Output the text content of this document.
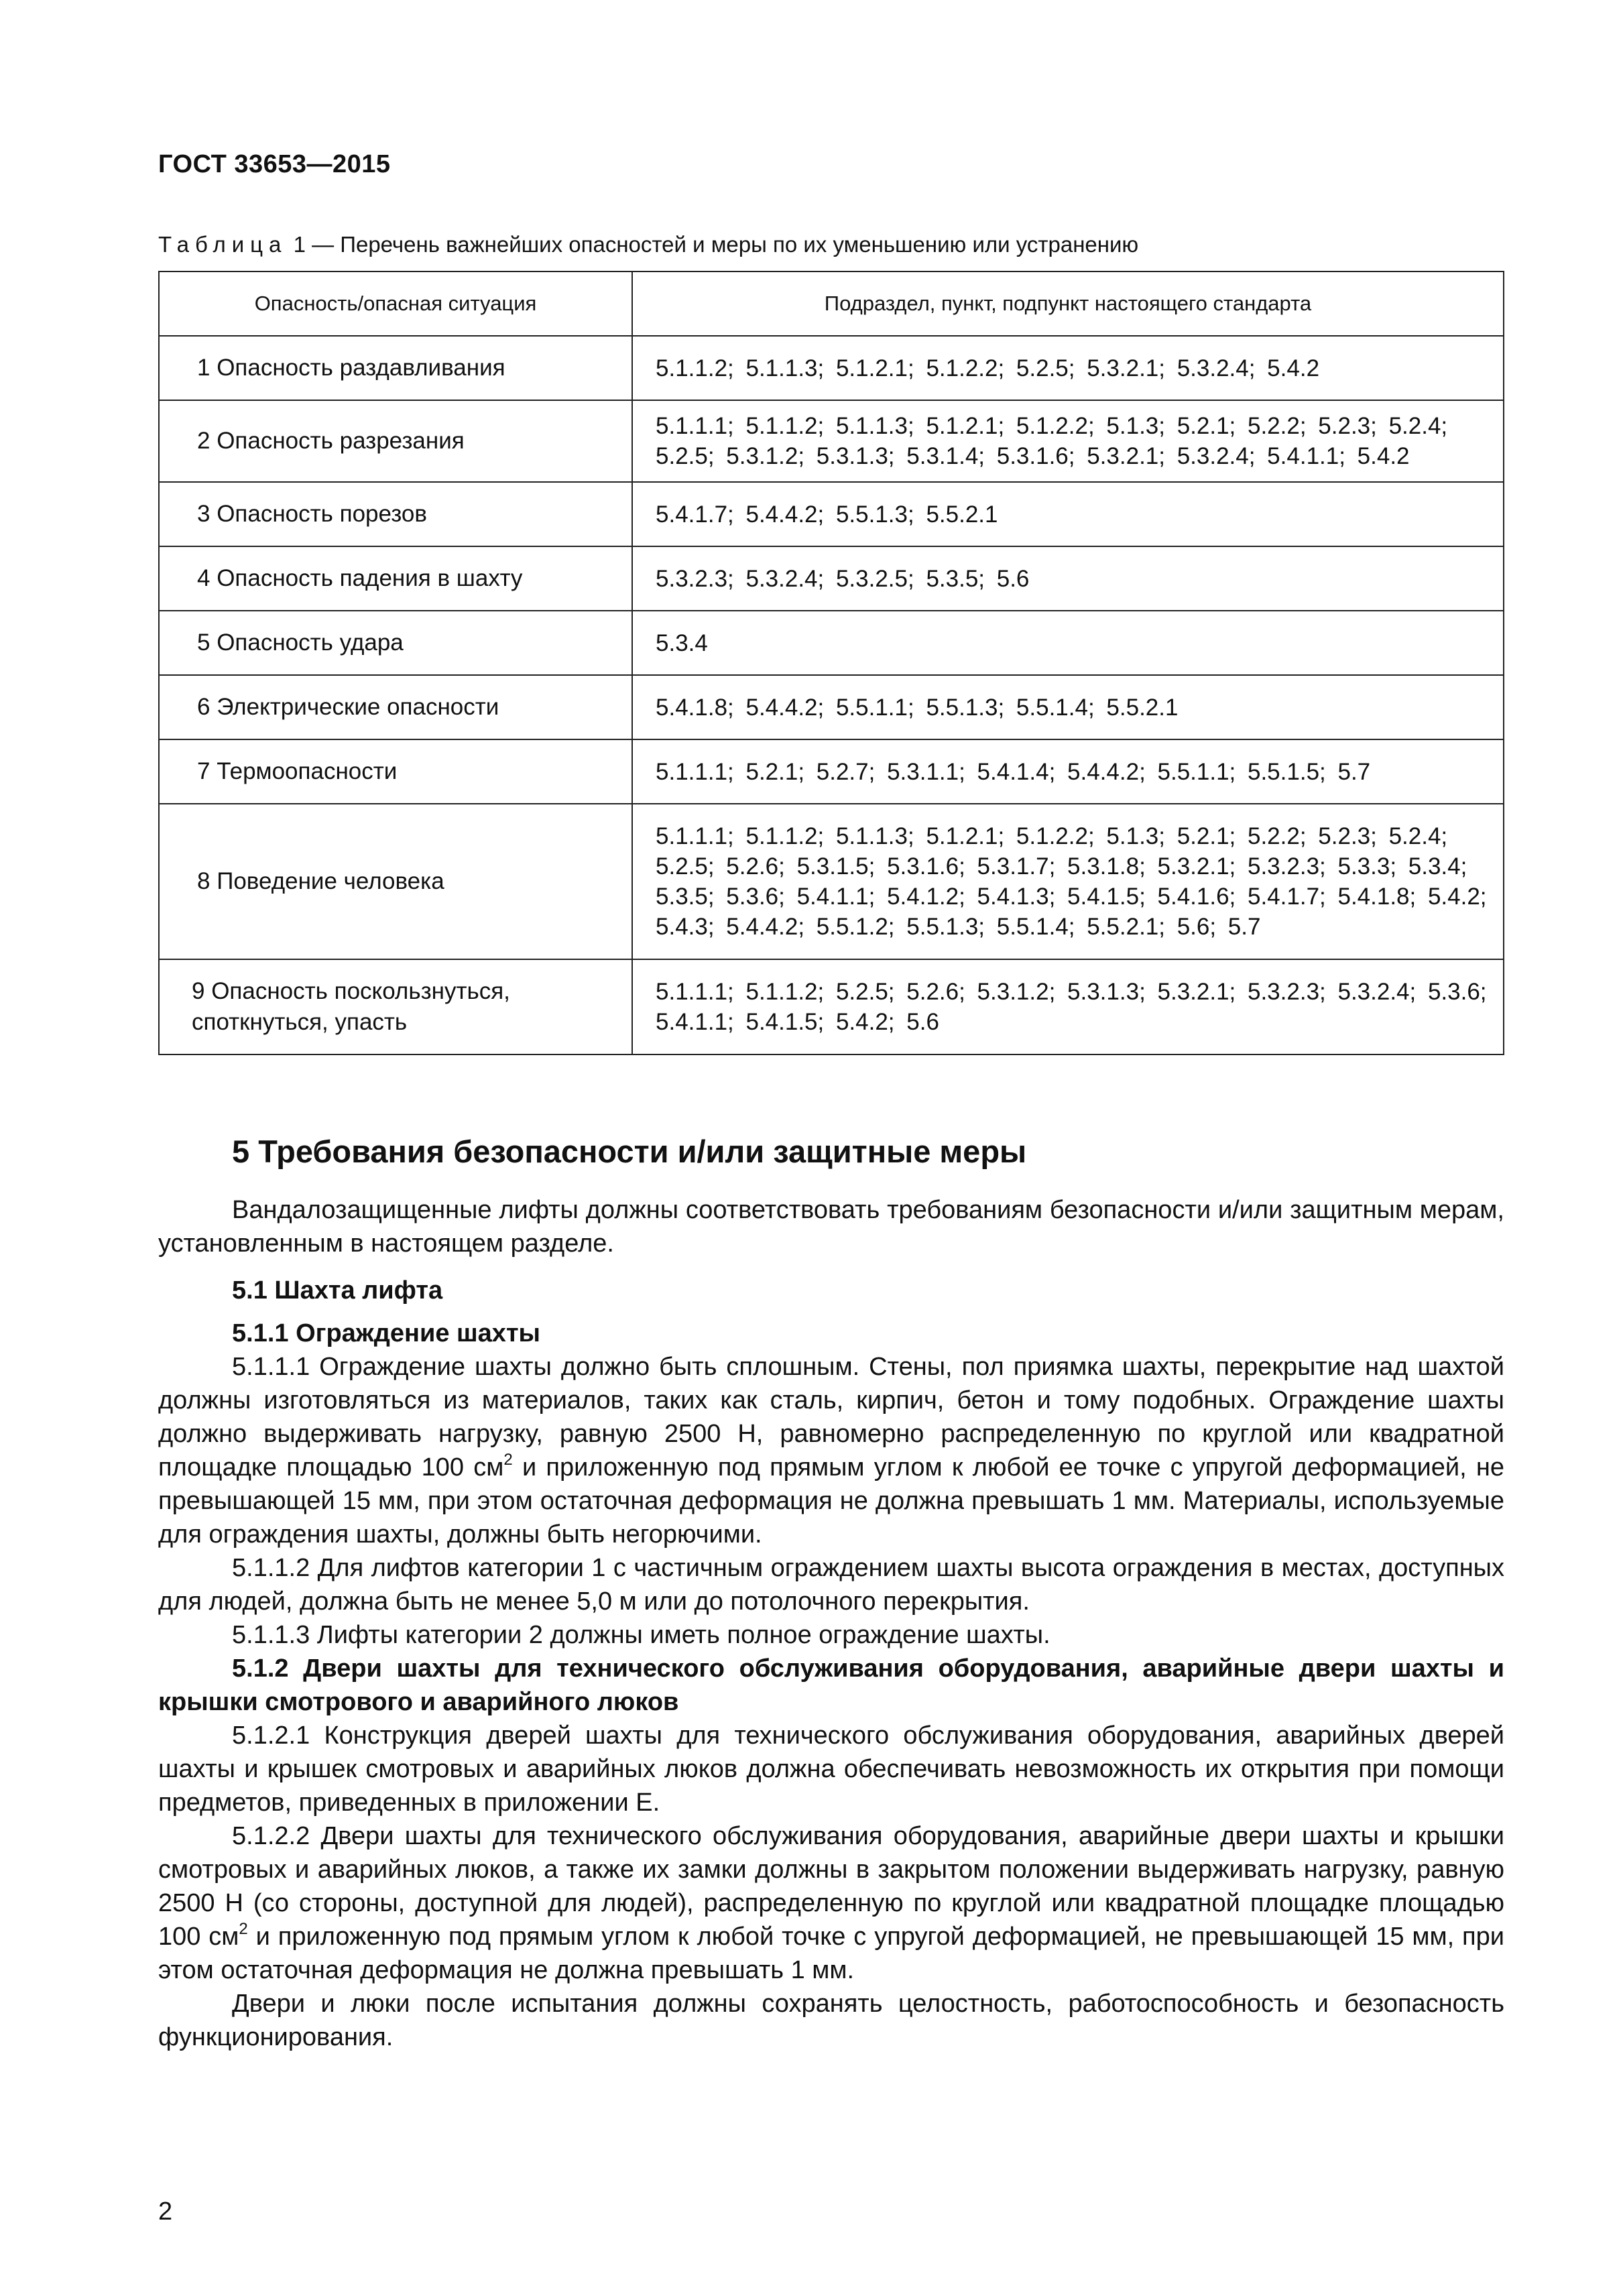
ГОСТ 33653—2015
Таблица 1 — Перечень важнейших опасностей и меры по их уменьшению или устранению
Опасность/опасная ситуация	Подраздел, пункт, подпункт настоящего стандарта
1 Опасность раздавливания	5.1.1.2; 5.1.1.3; 5.1.2.1; 5.1.2.2; 5.2.5; 5.3.2.1; 5.3.2.4; 5.4.2
2 Опасность разрезания	5.1.1.1; 5.1.1.2; 5.1.1.3; 5.1.2.1; 5.1.2.2; 5.1.3; 5.2.1; 5.2.2; 5.2.3; 5.2.4; 5.2.5; 5.3.1.2; 5.3.1.3; 5.3.1.4; 5.3.1.6; 5.3.2.1; 5.3.2.4; 5.4.1.1; 5.4.2
3 Опасность порезов	5.4.1.7; 5.4.4.2; 5.5.1.3; 5.5.2.1
4 Опасность падения в шахту	5.3.2.3; 5.3.2.4; 5.3.2.5; 5.3.5; 5.6
5 Опасность удара	5.3.4
6 Электрические опасности	5.4.1.8; 5.4.4.2; 5.5.1.1; 5.5.1.3; 5.5.1.4; 5.5.2.1
7 Термоопасности	5.1.1.1; 5.2.1; 5.2.7; 5.3.1.1; 5.4.1.4; 5.4.4.2; 5.5.1.1; 5.5.1.5; 5.7
8 Поведение человека	5.1.1.1; 5.1.1.2; 5.1.1.3; 5.1.2.1; 5.1.2.2; 5.1.3; 5.2.1; 5.2.2; 5.2.3; 5.2.4; 5.2.5; 5.2.6; 5.3.1.5; 5.3.1.6; 5.3.1.7; 5.3.1.8; 5.3.2.1; 5.3.2.3; 5.3.3; 5.3.4; 5.3.5; 5.3.6; 5.4.1.1; 5.4.1.2; 5.4.1.3; 5.4.1.5; 5.4.1.6; 5.4.1.7; 5.4.1.8; 5.4.2; 5.4.3; 5.4.4.2; 5.5.1.2; 5.5.1.3; 5.5.1.4; 5.5.2.1; 5.6; 5.7
9 Опасность поскользнуться, споткнуться, упасть	5.1.1.1; 5.1.1.2; 5.2.5; 5.2.6; 5.3.1.2; 5.3.1.3; 5.3.2.1; 5.3.2.3; 5.3.2.4; 5.3.6; 5.4.1.1; 5.4.1.5; 5.4.2; 5.6
5 Требования безопасности и/или защитные меры

Вандалозащищенные лифты должны соответствовать требованиям безопасности и/или защитным мерам, установленным в настоящем разделе.

5.1 Шахта лифта

5.1.1 Ограждение шахты

5.1.1.1 Ограждение шахты должно быть сплошным. Стены, пол приямка шахты, перекрытие над шахтой должны изготовляться из материалов, таких как сталь, кирпич, бетон и тому подобных. Ограждение шахты должно выдерживать нагрузку, равную 2500 Н, равномерно распределенную по круглой или квадратной площадке площадью 100 $см^2$ и приложенную под прямым углом к любой ее точке с упругой деформацией, не превышающей 15 мм, при этом остаточная деформация не должна превышать 1 мм. Материалы, используемые для ограждения шахты, должны быть негорючими.

5.1.1.2 Для лифтов категории 1 с частичным ограждением шахты высота ограждения в местах, доступных для людей, должна быть не менее 5,0 м или до потолочного перекрытия.

5.1.1.3 Лифты категории 2 должны иметь полное ограждение шахты.

5.1.2 Двери шахты для технического обслуживания оборудования, аварийные двери шахты и крышки смотрового и аварийного люков

5.1.2.1 Конструкция дверей шахты для технического обслуживания оборудования, аварийных дверей шахты и крышек смотровых и аварийных люков должна обеспечивать невозможность их открытия при помощи предметов, приведенных в приложении Е.

5.1.2.2 Двери шахты для технического обслуживания оборудования, аварийные двери шахты и крышки смотровых и аварийных люков, а также их замки должны в закрытом положении выдерживать нагрузку, равную 2500 Н (со стороны, доступной для людей), распределенную по круглой или квадратной площадке площадью 100 $см^2$ и приложенную под прямым углом к любой точке с упругой деформацией, не превышающей 15 мм, при этом остаточная деформация не должна превышать 1 мм.

Двери и люки после испытания должны сохранять целостность, работоспособность и безопасность функционирования.

2
